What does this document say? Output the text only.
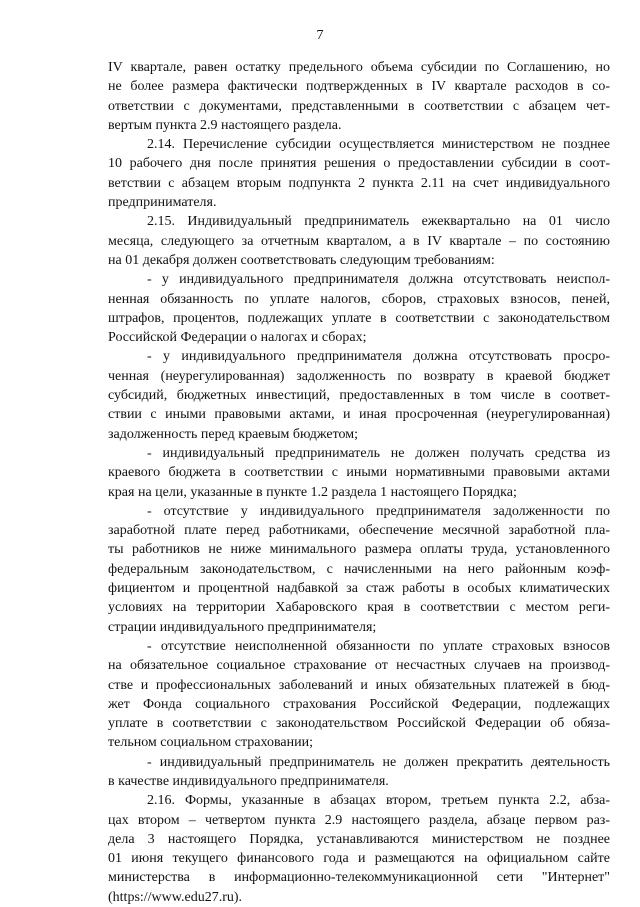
7

IV квартале, равен остатку предельного объема субсидии по Соглашению, но
не более размера фактически подтвержденных в IV квартале расходов в со-
ответствии с документами, представленными в соответствии с абзацем чет-
вертым пункта 2.9 настоящего раздела.

2.14. Перечисление субсидии осуществляется министерством не позднее
10 рабочего дня после принятия решения о предоставлении субсидии в соот-
ветствии с абзацем вторым подпункта 2 пункта 2.11 на счет индивидуального
предпринимателя.

2.15. Индивидуальный предприниматель ежеквартально на 01 число
месяца, следующего за отчетным кварталом, а в IV квартале – по состоянию
на 01 декабря должен соответствовать следующим требованиям:

- у индивидуального предпринимателя должна отсутствовать неиспол-
ненная обязанность по уплате налогов, сборов, страховых взносов, пеней,
штрафов, процентов, подлежащих уплате в соответствии с законодательством
Российской Федерации о налогах и сборах;

- у индивидуального предпринимателя должна отсутствовать просро-
ченная (неурегулированная) задолженность по возврату в краевой бюджет
субсидий, бюджетных инвестиций, предоставленных в том числе в соответ-
ствии с иными правовыми актами, и иная просроченная (неурегулированная)
задолженность перед краевым бюджетом;

- индивидуальный предприниматель не должен получать средства из
краевого бюджета в соответствии с иными нормативными правовыми актами
края на цели, указанные в пункте 1.2 раздела 1 настоящего Порядка;

- отсутствие у индивидуального предпринимателя задолженности по
заработной плате перед работниками, обеспечение месячной заработной пла-
ты работников не ниже минимального размера оплаты труда, установленного
федеральным законодательством, с начисленными на него районным коэф-
фициентом и процентной надбавкой за стаж работы в особых климатических
условиях на территории Хабаровского края в соответствии с местом реги-
страции индивидуального предпринимателя;

- отсутствие неисполненной обязанности по уплате страховых взносов
на обязательное социальное страхование от несчастных случаев на производ-
стве и профессиональных заболеваний и иных обязательных платежей в бюд-
жет Фонда социального страхования Российской Федерации, подлежащих
уплате в соответствии с законодательством Российской Федерации об обяза-
тельном социальном страховании;

- индивидуальный предприниматель не должен прекратить деятельность
в качестве индивидуального предпринимателя.

2.16. Формы, указанные в абзацах втором, третьем пункта 2.2, абза-
цах втором – четвертом пункта 2.9 настоящего раздела, абзаце первом раз-
дела 3 настоящего Порядка, устанавливаются министерством не позднее
01 июня текущего финансового года и размещаются на официальном сайте
министерства в информационно-телекоммуникационной сети "Интернет"
(https://www.edu27.ru).
